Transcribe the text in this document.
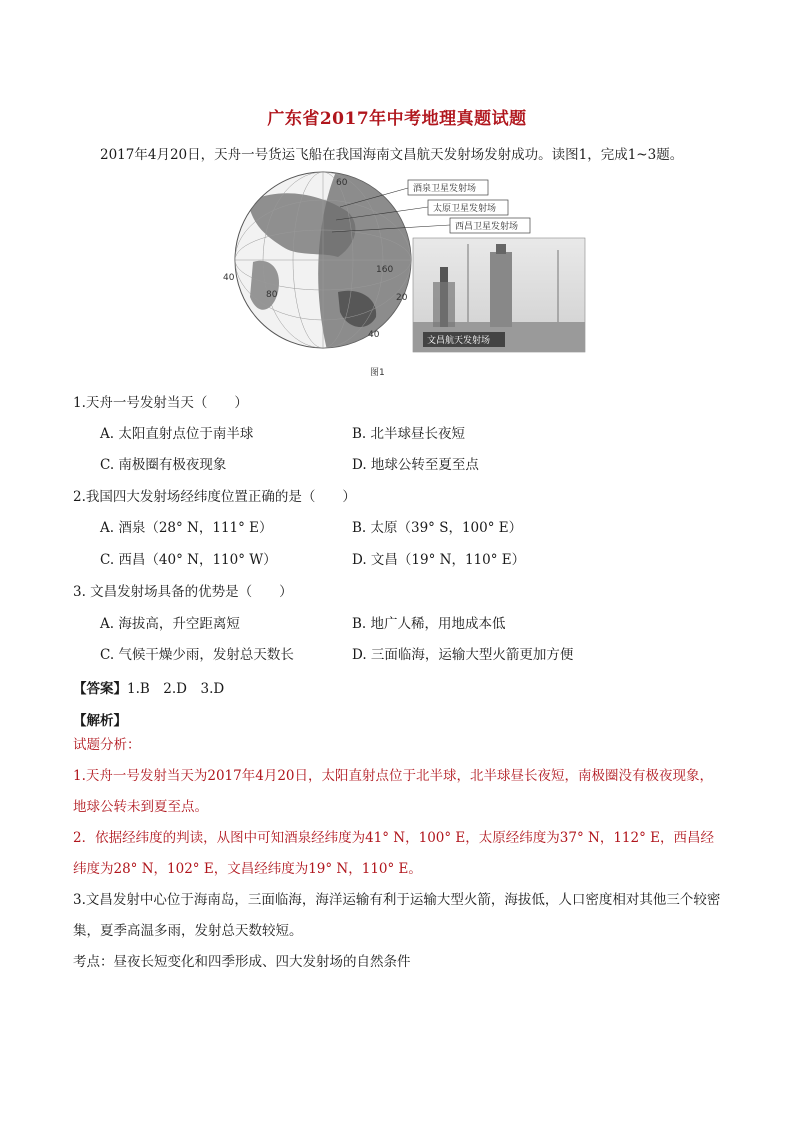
广东省2017年中考地理真题试题
2017年4月20日，天舟一号货运飞船在我国海南文昌航天发射场发射成功。读图1，完成1~3题。
60
40
80
160
20
40
酒泉卫星发射场
太原卫星发射场
西昌卫星发射场
文昌航天发射场
图1
1.天舟一号发射当天（　　）
A. 太阳直射点位于南半球	B. 北半球昼长夜短
C. 南极圈有极夜现象	D. 地球公转至夏至点
2.我国四大发射场经纬度位置正确的是（　　）
A. 酒泉（28° N，111° E）	B. 太原（39° S，100° E）
C. 西昌（40° N，110° W）	D. 文昌（19° N，110° E）
3. 文昌发射场具备的优势是（　　）
A. 海拔高，升空距离短	B. 地广人稀，用地成本低
C. 气候干燥少雨，发射总天数长	D. 三面临海，运输大型火箭更加方便
【答案】1.B　2.D　3.D
【解析】
试题分析：
1.天舟一号发射当天为2017年4月20日，太阳直射点位于北半球，北半球昼长夜短，南极圈没有极夜现象，地球公转未到夏至点。
2．依据经纬度的判读，从图中可知酒泉经纬度为41° N，100° E，太原经纬度为37° N，112° E，西昌经纬度为28° N，102° E，文昌经纬度为19° N，110° E。
3.文昌发射中心位于海南岛，三面临海，海洋运输有利于运输大型火箭，海拔低，人口密度相对其他三个较密集，夏季高温多雨，发射总天数较短。
考点：昼夜长短变化和四季形成、四大发射场的自然条件
